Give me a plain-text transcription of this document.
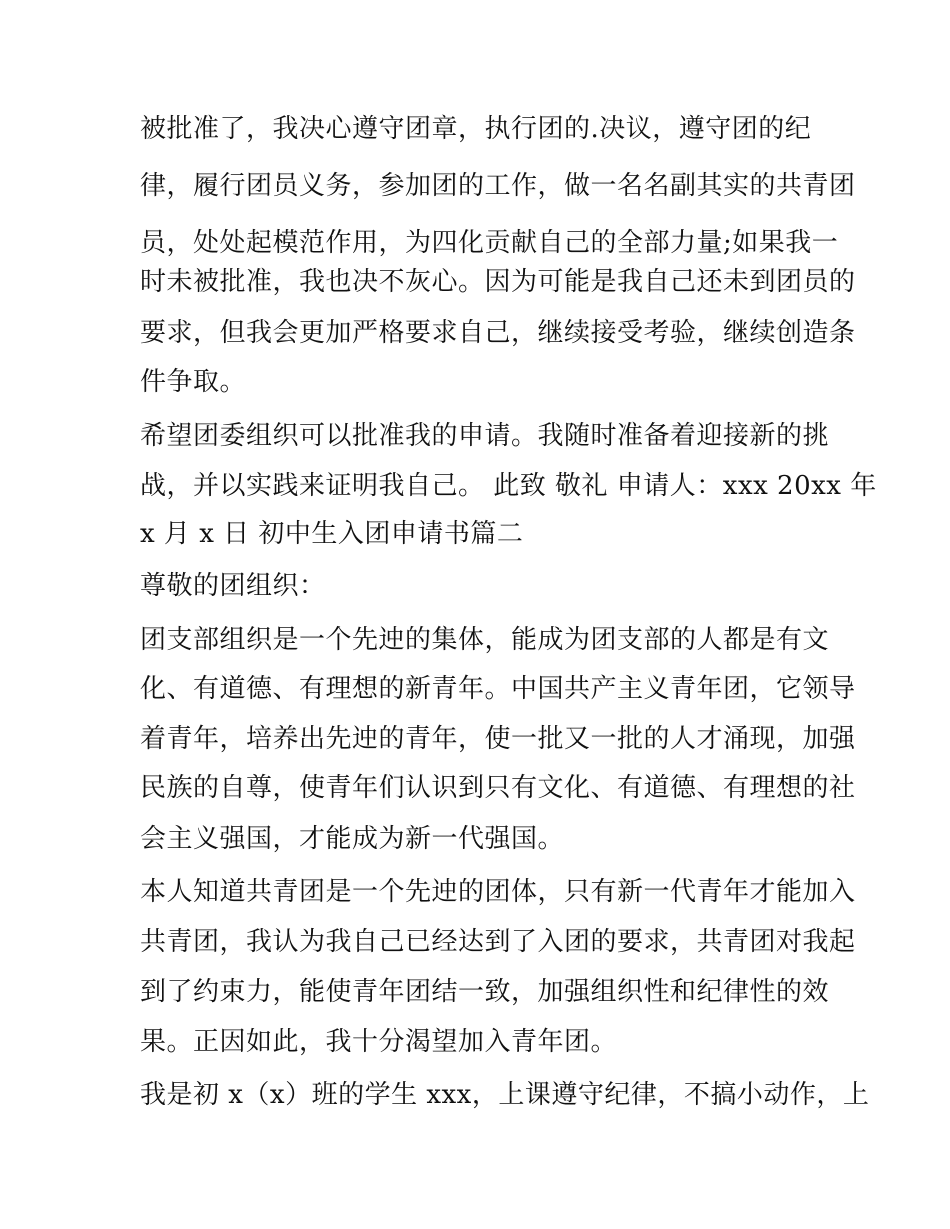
被批准了，我决心遵守团章，执行团的.决议，遵守团的纪
律，履行团员义务，参加团的工作，做一名名副其实的共青团
员，处处起模范作用，为四化贡献自己的全部力量;如果我一
时未被批准，我也决不灰心。因为可能是我自己还未到团员的
要求，但我会更加严格要求自己，继续接受考验，继续创造条
件争取。
希望团委组织可以批准我的申请。我随时准备着迎接新的挑
战，并以实践来证明我自己。 此致 敬礼 申请人：xxx 20xx 年
x 月 x 日 初中生入团申请书篇二
尊敬的团组织：
团支部组织是一个先迚的集体，能成为团支部的人都是有文
化、有道德、有理想的新青年。中国共产主义青年团，它领导
着青年，培养出先迚的青年，使一批又一批的人才涌现，加强
民族的自尊，使青年们认识到只有文化、有道德、有理想的社
会主义强国，才能成为新一代强国。
本人知道共青团是一个先迚的团体，只有新一代青年才能加入
共青团，我认为我自己已经达到了入团的要求，共青团对我起
到了约束力，能使青年团结一致，加强组织性和纪律性的效
果。正因如此，我十分渴望加入青年团。
我是初 x（x）班的学生 xxx，上课遵守纪律，不搞小动作，上
